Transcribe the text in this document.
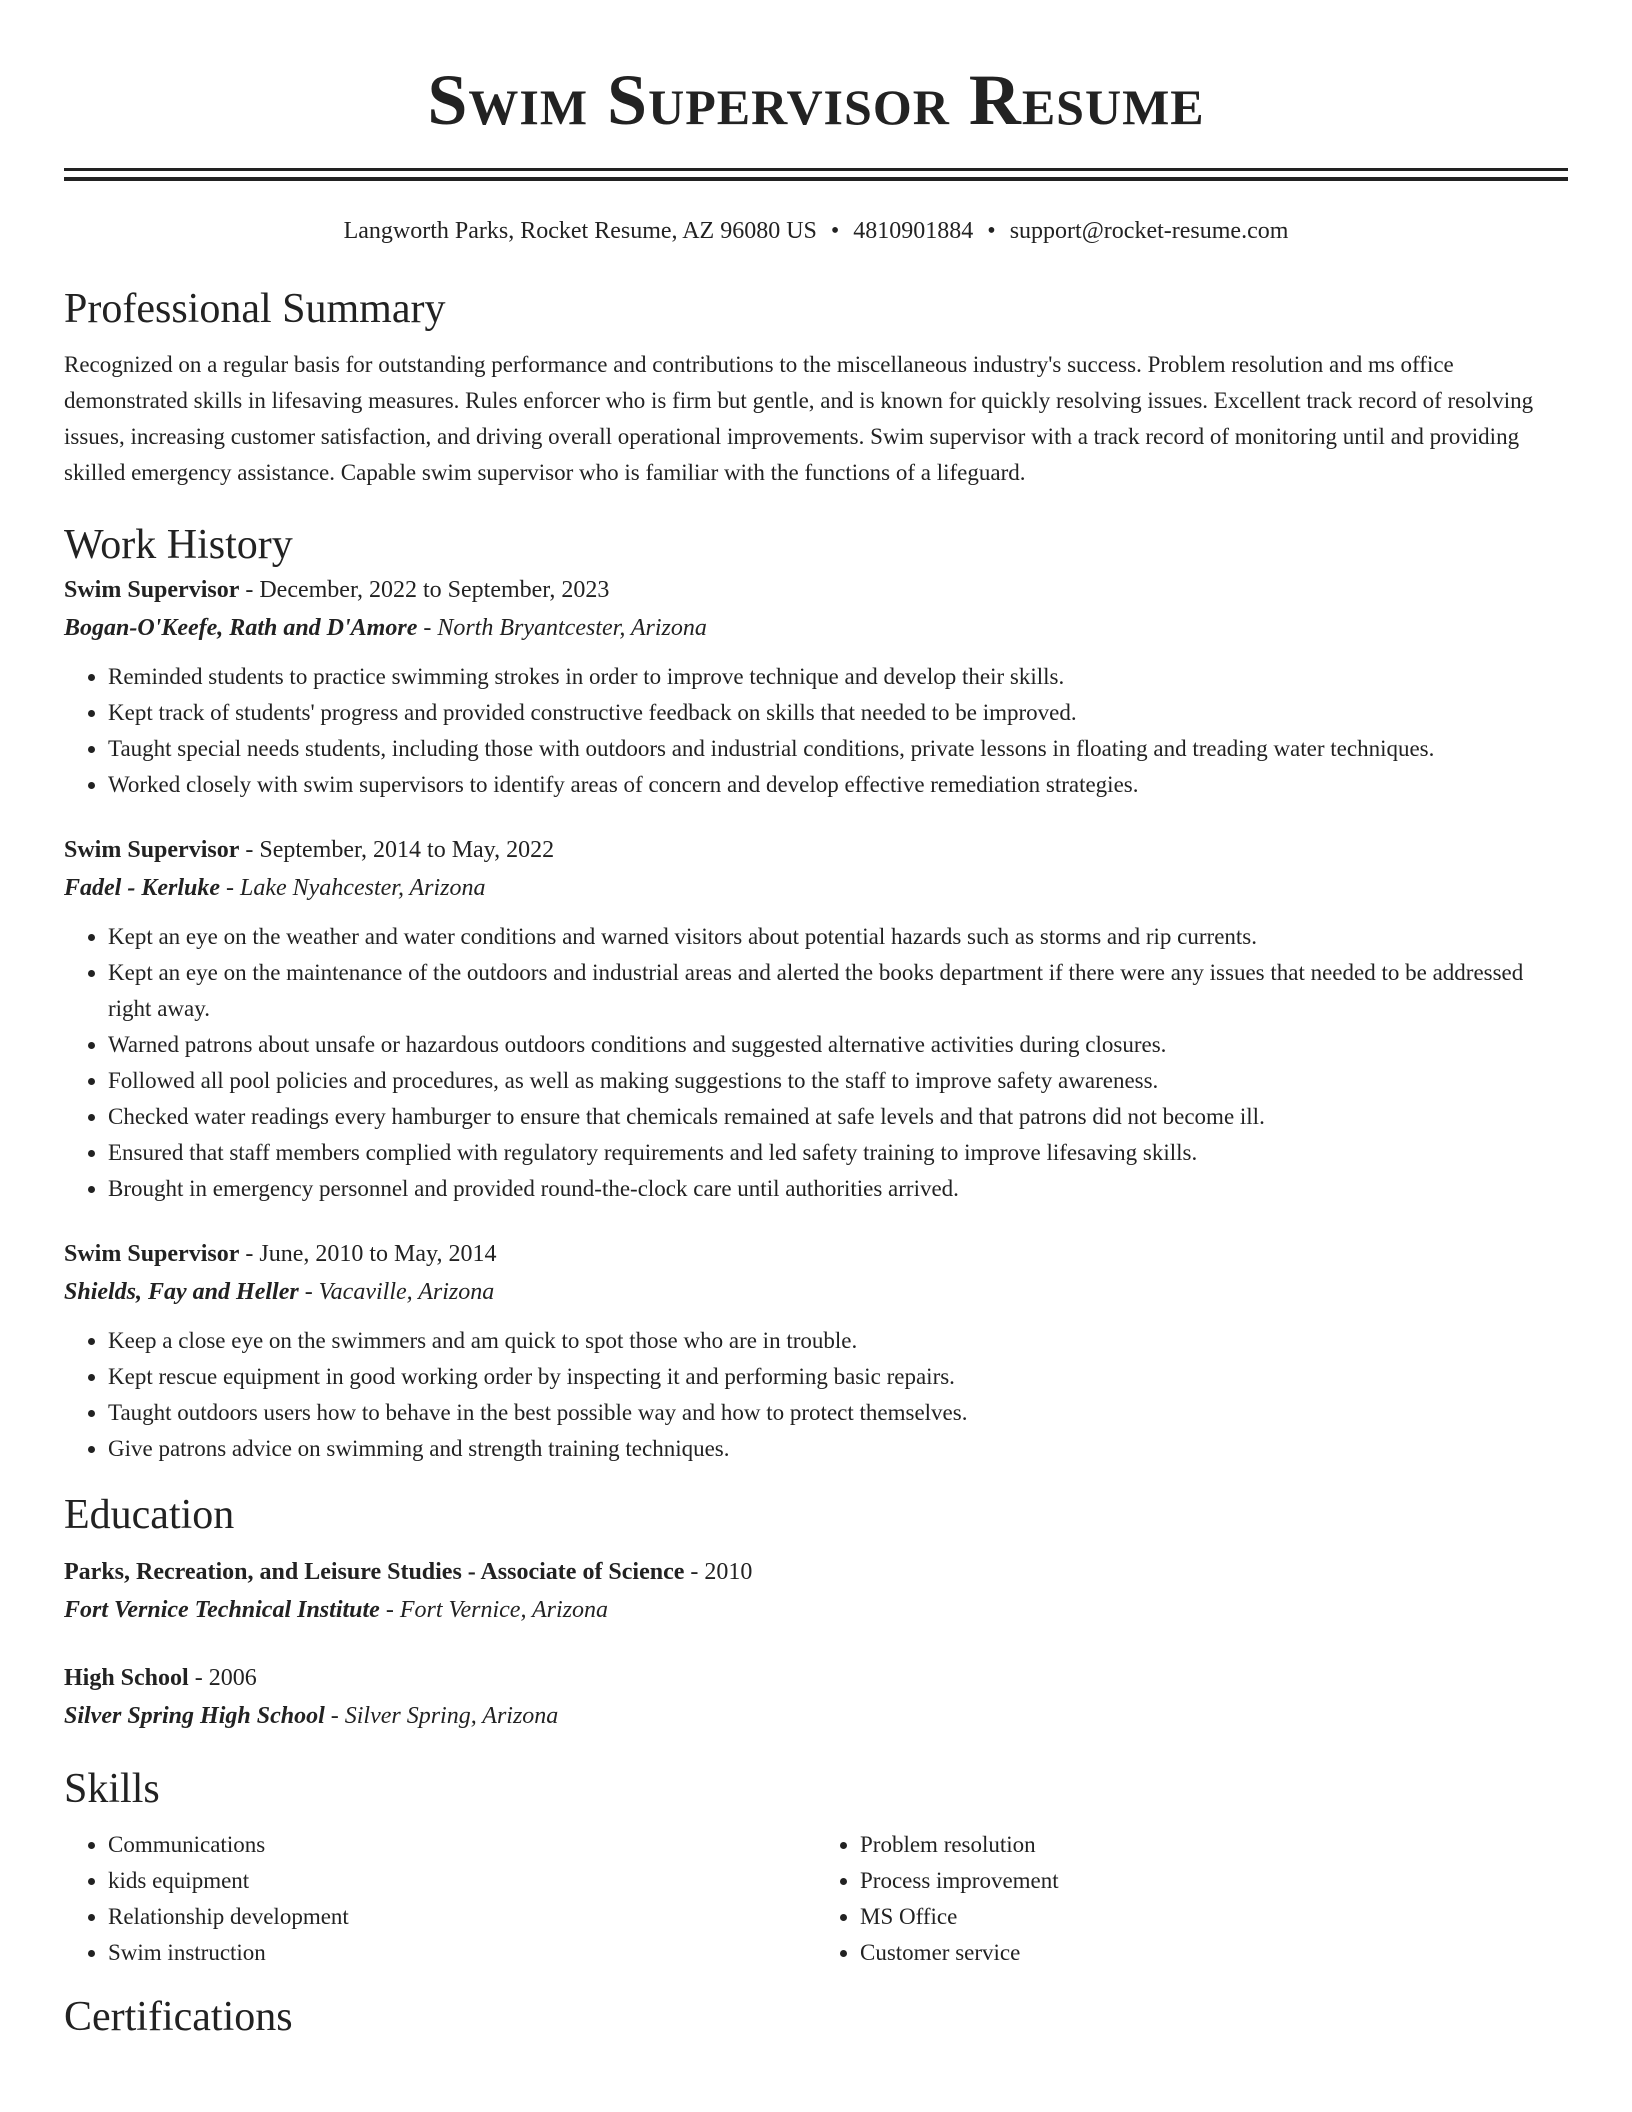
Swim Supervisor Resume
Langworth Parks, Rocket Resume, AZ 96080 US • 4810901884 • support@rocket-resume.com
Professional Summary
Recognized on a regular basis for outstanding performance and contributions to the miscellaneous industry's success. Problem resolution and ms office demonstrated skills in lifesaving measures. Rules enforcer who is firm but gentle, and is known for quickly resolving issues. Excellent track record of resolving issues, increasing customer satisfaction, and driving overall operational improvements. Swim supervisor with a track record of monitoring until and providing skilled emergency assistance. Capable swim supervisor who is familiar with the functions of a lifeguard.
Work History
Swim Supervisor - December, 2022 to September, 2023
Bogan-O'Keefe, Rath and D'Amore - North Bryantcester, Arizona
• Reminded students to practice swimming strokes in order to improve technique and develop their skills.
• Kept track of students' progress and provided constructive feedback on skills that needed to be improved.
• Taught special needs students, including those with outdoors and industrial conditions, private lessons in floating and treading water techniques.
• Worked closely with swim supervisors to identify areas of concern and develop effective remediation strategies.
Swim Supervisor - September, 2014 to May, 2022
Fadel - Kerluke - Lake Nyahcester, Arizona
• Kept an eye on the weather and water conditions and warned visitors about potential hazards such as storms and rip currents.
• Kept an eye on the maintenance of the outdoors and industrial areas and alerted the books department if there were any issues that needed to be addressed right away.
• Warned patrons about unsafe or hazardous outdoors conditions and suggested alternative activities during closures.
• Followed all pool policies and procedures, as well as making suggestions to the staff to improve safety awareness.
• Checked water readings every hamburger to ensure that chemicals remained at safe levels and that patrons did not become ill.
• Ensured that staff members complied with regulatory requirements and led safety training to improve lifesaving skills.
• Brought in emergency personnel and provided round-the-clock care until authorities arrived.
Swim Supervisor - June, 2010 to May, 2014
Shields, Fay and Heller - Vacaville, Arizona
• Keep a close eye on the swimmers and am quick to spot those who are in trouble.
• Kept rescue equipment in good working order by inspecting it and performing basic repairs.
• Taught outdoors users how to behave in the best possible way and how to protect themselves.
• Give patrons advice on swimming and strength training techniques.
Education
Parks, Recreation, and Leisure Studies - Associate of Science - 2010
Fort Vernice Technical Institute - Fort Vernice, Arizona
High School - 2006
Silver Spring High School - Silver Spring, Arizona
Skills
• Communications
• kids equipment
• Relationship development
• Swim instruction
• Problem resolution
• Process improvement
• MS Office
• Customer service
Certifications
